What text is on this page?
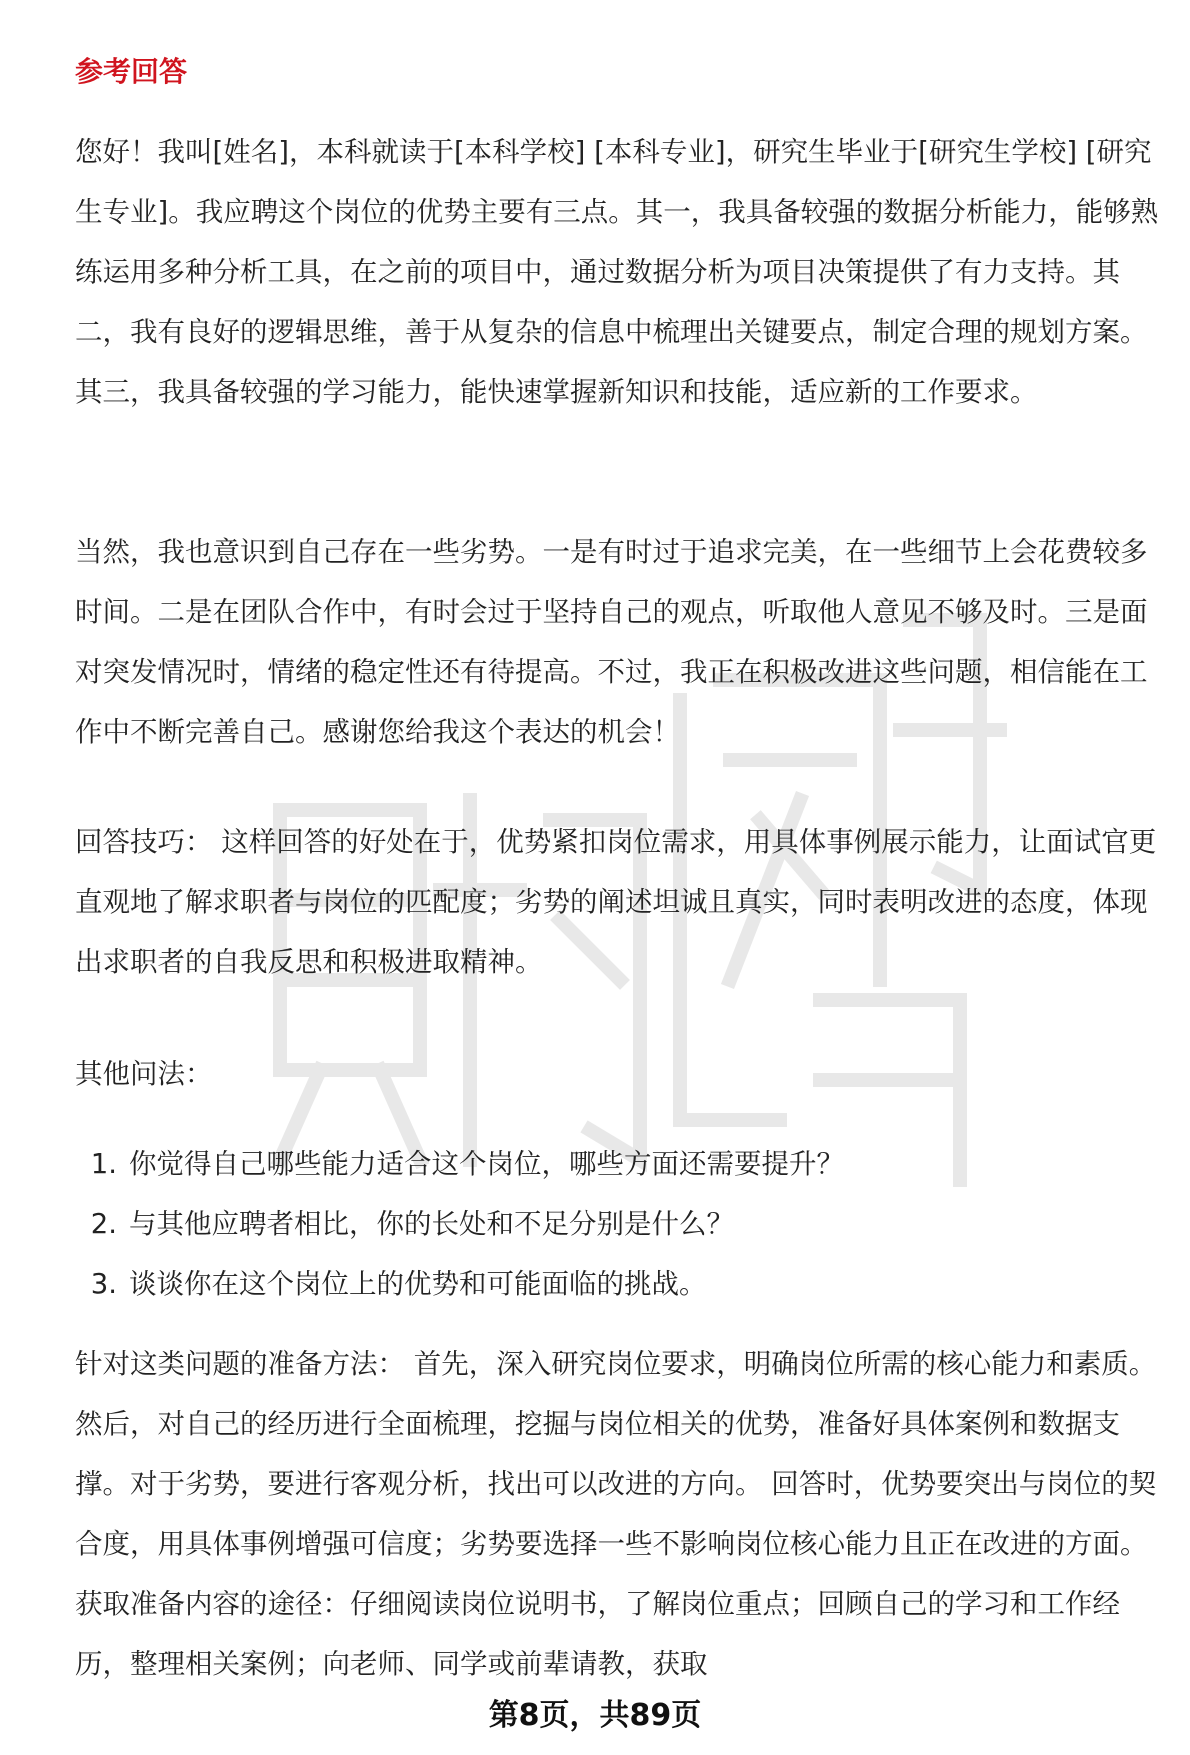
参考回答

您好！我叫[姓名]，本科就读于[本科学校] [本科专业]，研究生毕业于[研究生学校] [研究生专业]。我应聘这个岗位的优势主要有三点。其一，我具备较强的数据分析能力，能够熟练运用多种分析工具，在之前的项目中，通过数据分析为项目决策提供了有力支持。其二，我有良好的逻辑思维，善于从复杂的信息中梳理出关键要点，制定合理的规划方案。其三，我具备较强的学习能力，能快速掌握新知识和技能，适应新的工作要求。

当然，我也意识到自己存在一些劣势。一是有时过于追求完美，在一些细节上会花费较多时间。二是在团队合作中，有时会过于坚持自己的观点，听取他人意见不够及时。三是面对突发情况时，情绪的稳定性还有待提高。不过，我正在积极改进这些问题，相信能在工作中不断完善自己。感谢您给我这个表达的机会！

回答技巧： 这样回答的好处在于，优势紧扣岗位需求，用具体事例展示能力，让面试官更直观地了解求职者与岗位的匹配度；劣势的阐述坦诚且真实，同时表明改进的态度，体现出求职者的自我反思和积极进取精神。

其他问法：

1. 你觉得自己哪些能力适合这个岗位，哪些方面还需要提升？
2. 与其他应聘者相比，你的长处和不足分别是什么？
3. 谈谈你在这个岗位上的优势和可能面临的挑战。

针对这类问题的准备方法： 首先，深入研究岗位要求，明确岗位所需的核心能力和素质。然后，对自己的经历进行全面梳理，挖掘与岗位相关的优势，准备好具体案例和数据支撑。对于劣势，要进行客观分析，找出可以改进的方向。 回答时，优势要突出与岗位的契合度，用具体事例增强可信度；劣势要选择一些不影响岗位核心能力且正在改进的方面。 获取准备内容的途径：仔细阅读岗位说明书，了解岗位重点；回顾自己的学习和工作经历，整理相关案例；向老师、同学或前辈请教，获取

第8页，共89页
